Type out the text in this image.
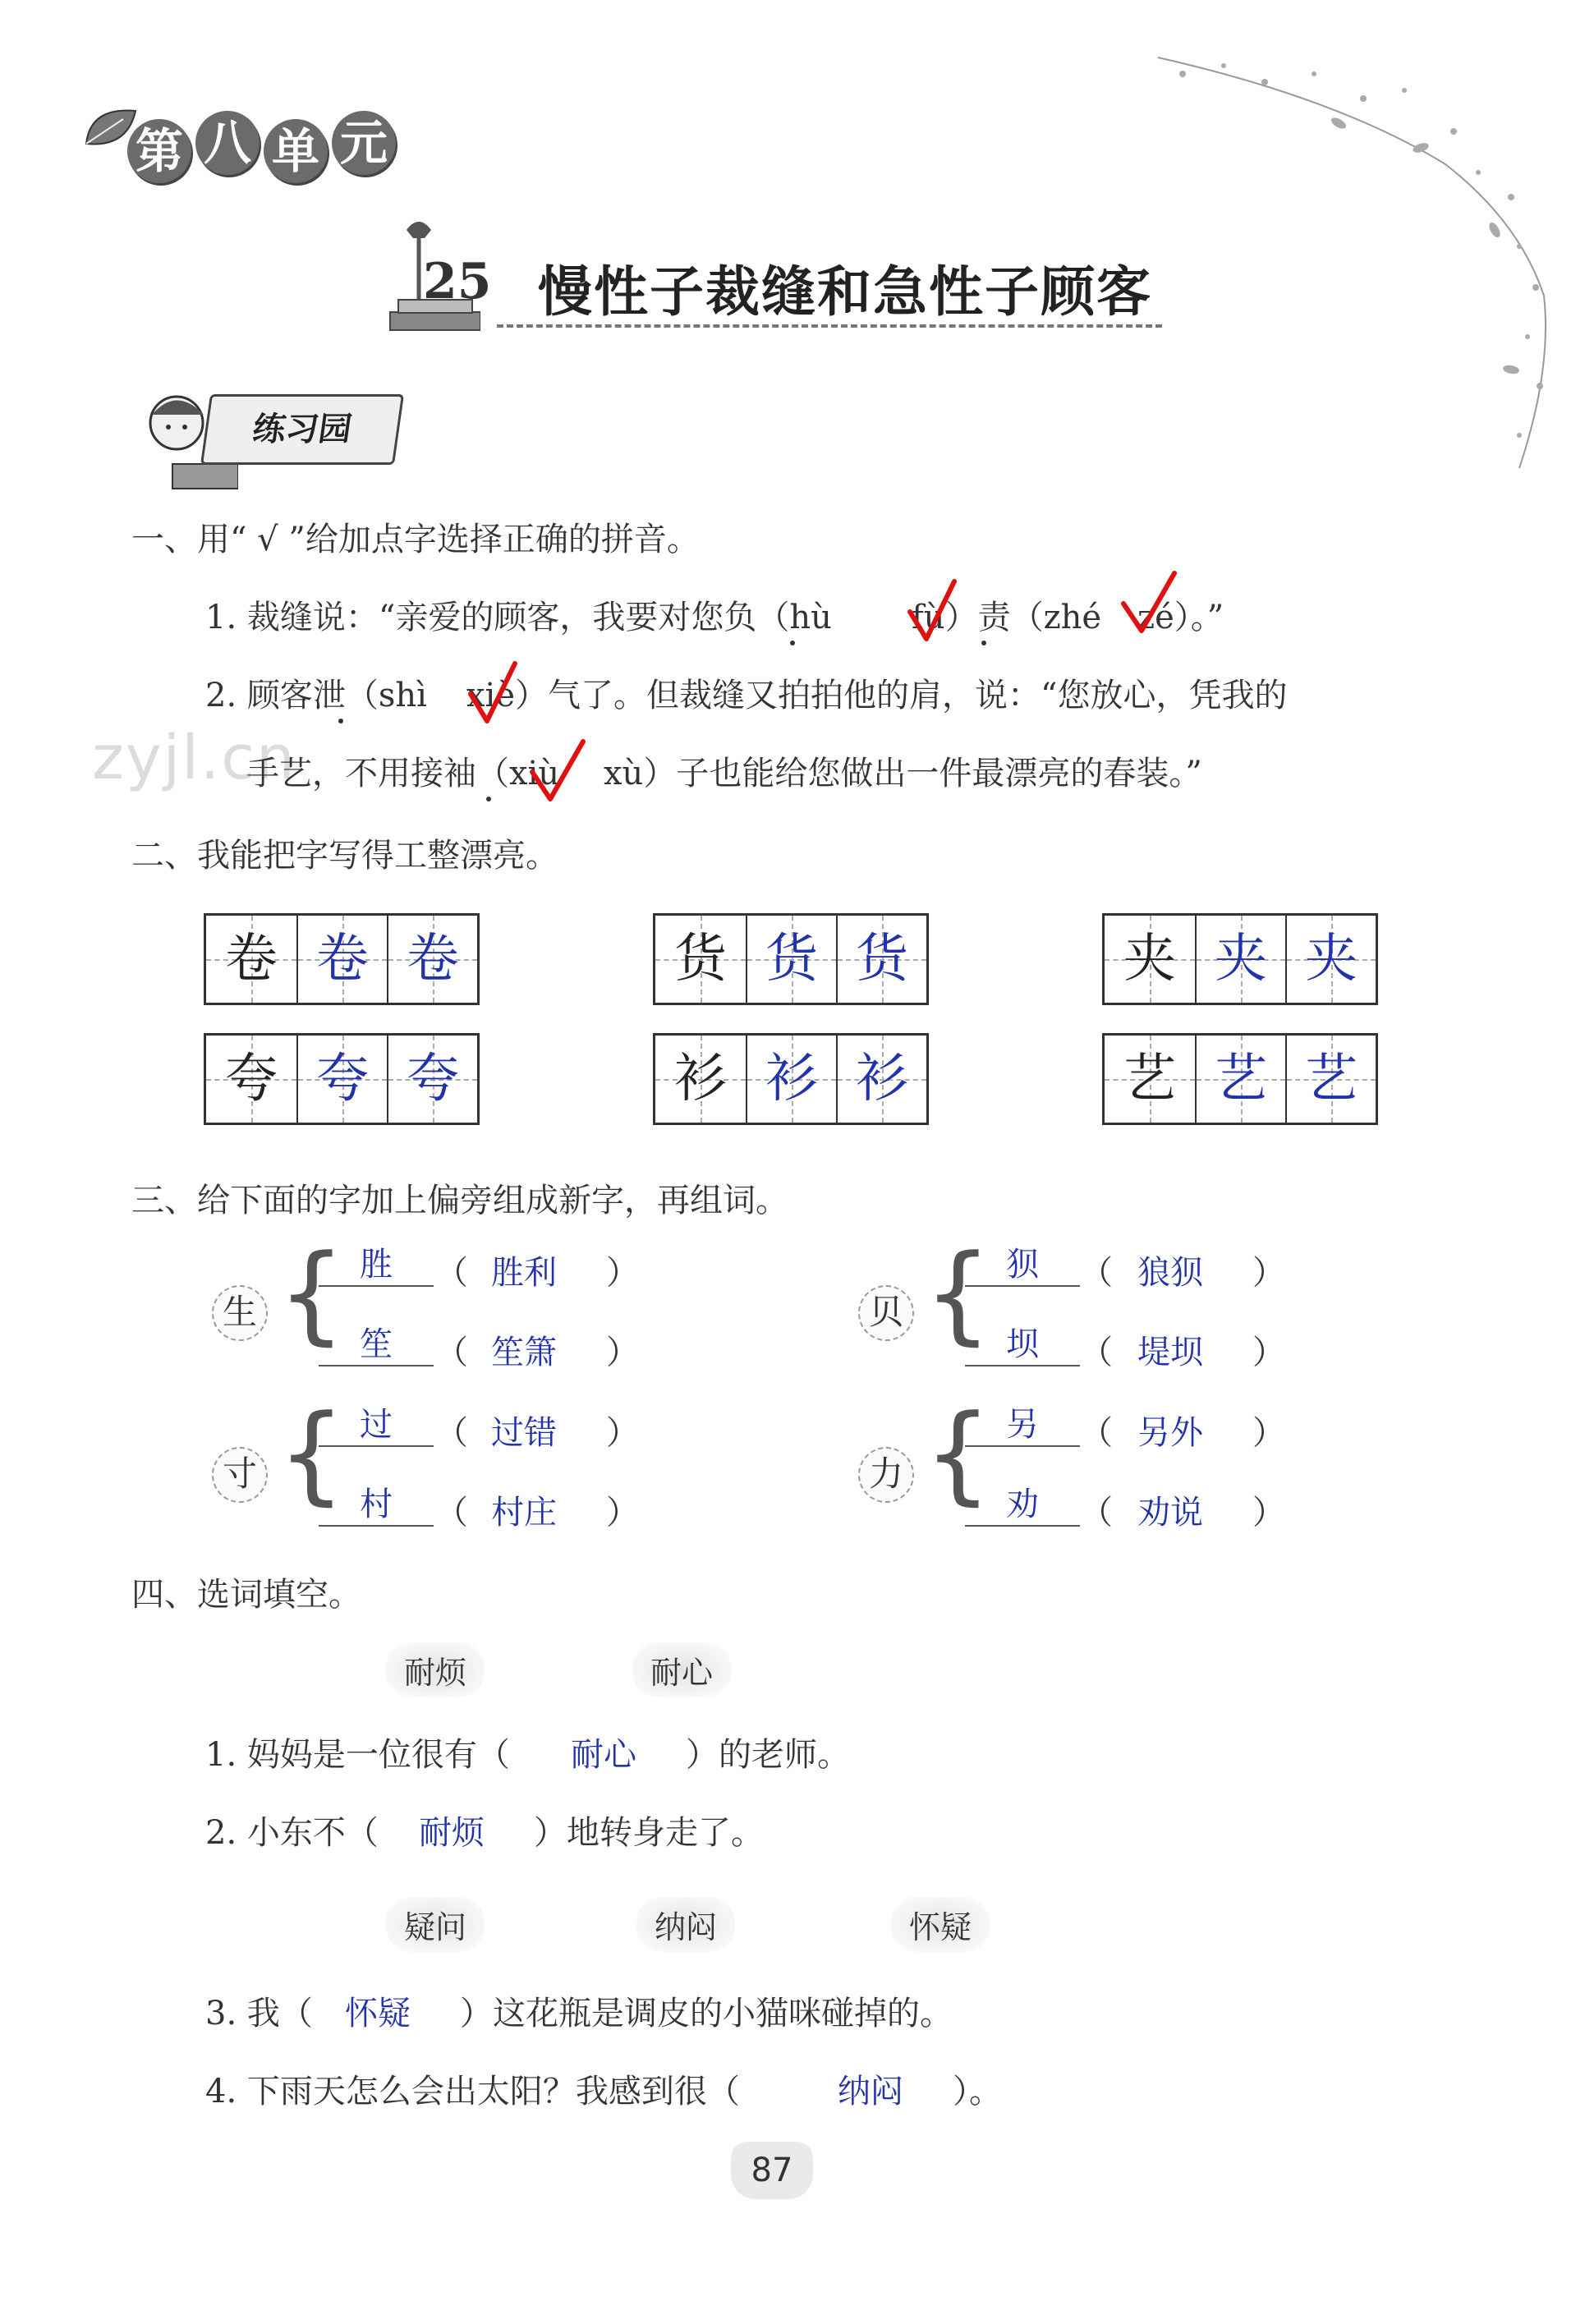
第 八 单 元
25 慢性子裁缝和急性子顾客
练习园
zyjl.cn
一、用“ √ ”给加点字选择正确的拼音。
1. 裁缝说：“亲爱的顾客，我要对您负（hù fù）责（zhé zé）。”
2. 顾客泄（shì xiè）气了。但裁缝又拍拍他的肩，说：“您放心，凭我的
手艺，不用接袖（xiù xù）子也能给您做出一件最漂亮的春装。”
二、我能把字写得工整漂亮。
卷 卷 卷	货 货 货	夹 夹 夹
夸 夸 夸	衫 衫 衫	艺 艺 艺
三、给下面的字加上偏旁组成新字，再组词。
生 { 胜	（ 胜利 ）
笙	（ 笙箫 ）
贝 { 狈	（ 狼狈 ）
坝	（ 堤坝 ）
寸 { 过	（ 过错 ）
村	（ 村庄 ）
力 { 另	（ 另外 ）
劝	（ 劝说 ）
四、选词填空。
耐烦	耐心
1. 妈妈是一位很有（ 耐心 ）的老师。
2. 小东不（ 耐烦 ）地转身走了。
疑问	纳闷	怀疑
3. 我（ 怀疑 ）这花瓶是调皮的小猫咪碰掉的。
4. 下雨天怎么会出太阳？我感到很（	纳闷 ）。
87
